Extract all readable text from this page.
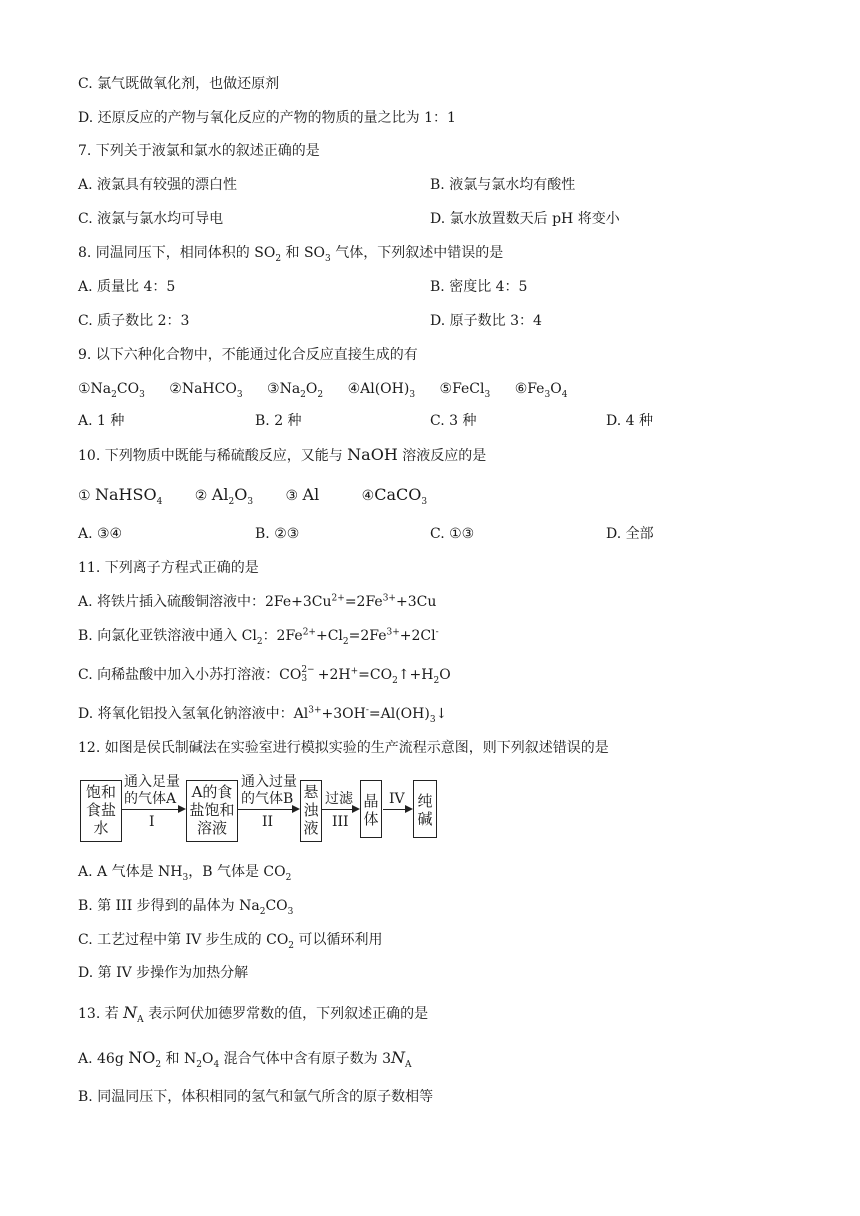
C. 氯气既做氧化剂，也做还原剂
D. 还原反应的产物与氧化反应的产物的物质的量之比为 1：1
7. 下列关于液氯和氯水的叙述正确的是
A. 液氯具有较强的漂白性	B. 液氯与氯水均有酸性
C. 液氯与氯水均可导电	D. 氯水放置数天后 pH 将变小
8. 同温同压下，相同体积的 $SO_2$ 和 $SO_3$ 气体，下列叙述中错误的是
A. 质量比 4：5	B. 密度比 4：5
C. 质子数比 2：3	D. 原子数比 3：4
9. 以下六种化合物中，不能通过化合反应直接生成的有
$①Na_2CO_3$ ②NaHCO$_3$ $③Na_2O_2$ $④Al(OH)_3$ ⑤FeCl$_3$ $⑥Fe_3O_4$
A. 1 种	B. 2 种	C. 3 种	D. 4 种
10. 下列物质中既能与稀硫酸反应，又能与 NaOH 溶液反应的是
① NaHSO$_4$ ② $Al_2O_3$ ③ Al	④CaCO$_3$
A. ③④	B. ②③	C. ①③	D. 全部
11. 下列离子方程式正确的是
A. 将铁片插入硫酸铜溶液中：$2Fe+3Cu^{2+}=2Fe^{3+}+3Cu$
B. 向氯化亚铁溶液中通入 $Cl_2$：$2Fe^{2+}+Cl_2=2Fe^{3+}+2Cl^-$
C. 向稀盐酸中加入小苏打溶液：CO 2−
$3 +2H^+=CO_2↑+H_2O$
D. 将氧化铝投入氢氧化钠溶液中：$Al^{3+}+3OH^-=Al(OH)_3↓$
12. 如图是侯氏制碱法在实验室进行模拟实验的生产流程示意图，则下列叙述错误的是
饱和
食盐
水
通入足量
的气体A
I
A的食
盐饱和
溶液
通入过量
的气体B
II
悬
浊
液
过滤
III
晶
体
IV 纯
碱
A. A 气体是 $NH_3$，B 气体是 $CO_2$
B. 第 III 步得到的晶体为 $Na_2CO_3$
C. 工艺过程中第 IV 步生成的 $CO_2$ 可以循环利用
D. 第 IV 步操作为加热分解
13. 若 $N_A$ 表示阿伏加德罗常数的值，下列叙述正确的是
A. 46g $NO_2$ 和 $N_2O_4$ 混合气体中含有原子数为 $3N_A$
B. 同温同压下，体积相同的氢气和氩气所含的原子数相等
